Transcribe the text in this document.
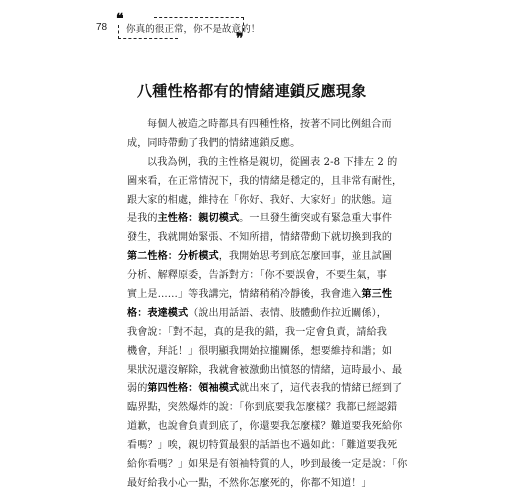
78
❝
你真的很正常，你不是故意的！
❞
八種性格都有的情緒連鎖反應現象
每個人被造之時都具有四種性格，按著不同比例組合而
成，同時帶動了我們的情緒連鎖反應。
以我為例，我的主性格是親切，從圖表 2-8 下排左 2 的
圖來看，在正常情況下，我的情緒是穩定的，且非常有耐性，
跟大家的相處，維持在「你好、我好、大家好」的狀態。這
是我的主性格：親切模式。一旦發生衝突或有緊急重大事件
發生，我就開始緊張、不知所措，情緒帶動下就切換到我的
第二性格：分析模式，我開始思考到底怎麼回事，並且試圖
分析、解釋原委，告訴對方：「你不要誤會，不要生氣，事
實上是……」等我講完，情緒稍稍冷靜後，我會進入第三性
格：表達模式（說出用話語、表情、肢體動作拉近關係），
我會說：「對不起，真的是我的錯，我一定會負責，請給我
機會，拜託！」很明顯我開始拉攏關係，想要維持和諧；如
果狀況還沒解除，我就會被激動出憤怒的情緒，這時最小、最
弱的第四性格：領袖模式就出來了，這代表我的情緒已經到了
臨界點，突然爆炸的說：「你到底要我怎麼樣？我都已經認錯
道歉，也說會負責到底了，你還要我怎麼樣？難道要我死給你
看嗎？」唉，親切特質最狠的話語也不過如此：「難道要我死
給你看嗎？」如果是有領袖特質的人，吵到最後一定是說：「你
最好給我小心一點，不然你怎麼死的，你都不知道！」
